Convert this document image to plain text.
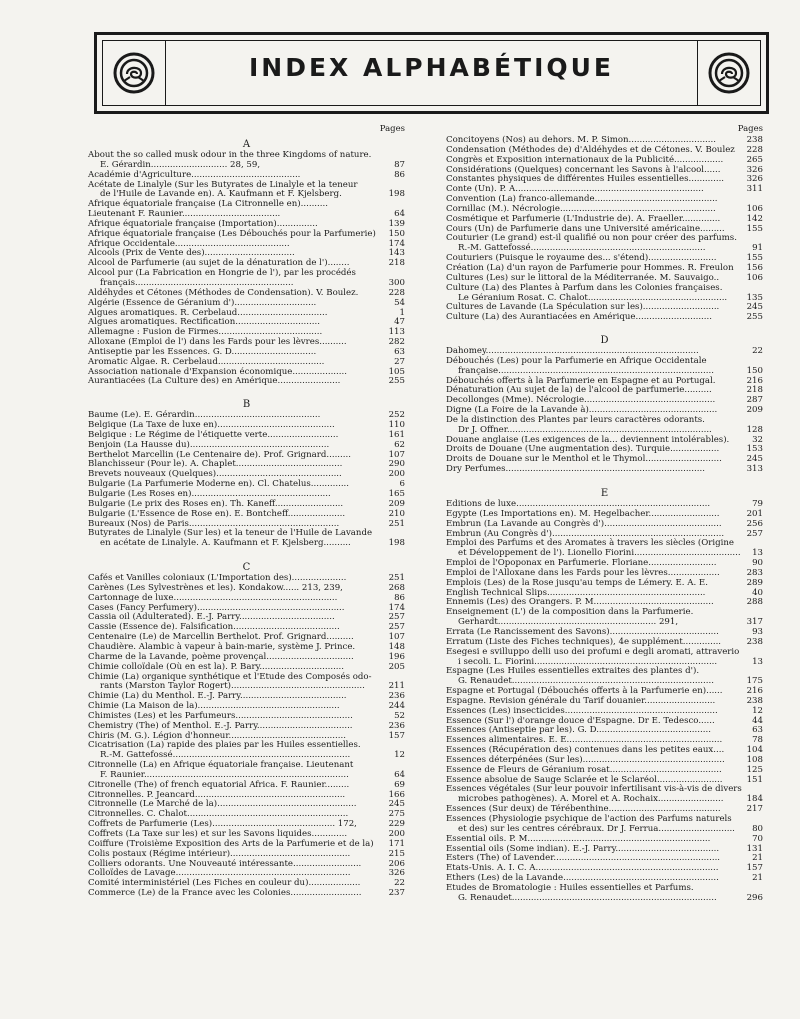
INDEX ALPHABÉTIQUE
Pages
A
About the so called musk odour in the three Kingdoms of nature.
E. Gérardin............................ 28, 59,	87
Académie d'Agriculture........................................	86
Acétate de Linalyle (Sur les Butyrates de Linalyle et la teneur
de l'Huile de Lavande en). A. Kaufmann et F. Kjelsberg.	198
Afrique équatoriale française (La Citronnelle en)..........
Lieutenant F. Raunier....................................	64
Afrique équatoriale française (Importation)...............	139
Afrique équatoriale française (Les Débouchés pour la Parfumerie)	150
Afrique Occidentale..........................................	174
Alcools (Prix de Vente des).................................	143
Alcool de Parfumerie (au sujet de la dénaturation de l')........	218
Alcool pur (La Fabrication en Hongrie de l'), par les procédés
français..........................................................	300
Aldéhydes et Cétones (Méthodes de Condensation). V. Boulez.	228
Algérie (Essence de Géranium d')..............................	54
Algues aromatiques. R. Cerbelaud.................................	1
Algues aromatiques. Rectification...............................	47
Allemagne : Fusion de Firmes......................................	113
Alloxane (Emploi de l') dans les Fards pour les lèvres..........	282
Antiseptie par les Essences. G. D...............................	63
Aromatic Algae. R. Cerbelaud.......................................	27
Association nationale d'Expansion économique....................	105
Aurantiacées (La Culture des) en Amérique.......................	255
B
Baume (Le). E. Gérardin..............................................	252
Belgique (La Taxe de luxe en)...........................................	110
Belgique : Le Régime de l'étiquette verte..........................	161
Benjoin (La Hausse du)...................................................	62
Berthelot Marcellin (Le Centenaire de). Prof. Grignard.........	107
Blanchisseur (Pour le). A. Chaplet.......................................	290
Brevets nouveaux (Quelques)..............................................	200
Bulgarie (La Parfumerie Moderne en). Cl. Chatelus..............	6
Bulgarie (Les Roses en)...................................................	165
Bulgarie (Le prix des Roses en). Th. Kaneff.........................	209
Bulgarie (L'Essence de Rose en). E. Bontcheff.....................	210
Bureaux (Nos) de Paris.......................................................	251
Butyrates de Linalyle (Sur les) et la teneur de l'Huile de Lavande
en acétate de Linalyle. A. Kaufmann et F. Kjelsberg..........	198
C
Cafés et Vanilles coloniaux (L'Importation des)....................	251
Carènes (Les Sylvestrènes et les). Kondakow...... 213, 239,	268
Cartonnage de luxe............................................................	86
Cases (Fancy Perfumery)......................................................	174
Cassia oil (Adulterated). E.-J. Parry...................................	257
Cassie (Essence de). Falsification.......................................	257
Centenaire (Le) de Marcellin Berthelot. Prof. Grignard..........	107
Chaudière. Alambic à vapeur à bain-marie, système J. Prince.	148
Charme de la Lavande, poème provençal................................	196
Chimie colloïdale (Où en est la). P. Bary...............................	205
Chimie (La) organique synthétique et l'Etude des Composés odo-
rants (Marston Taylor Rogert).................................................	211
Chimie (La) du Menthol. E.-J. Parry.......................................	236
Chimie (La Maison de la)....................................................	244
Chimistes (Les) et les Parfumeurs...........................................	52
Chemistry (The) of Menthol. E.-J. Parry...................................	236
Chiris (M. G.). Légion d'honneur...........................................	157
Cicatrisation (La) rapide des plaies par les Huiles essentielles.
R.-M. Gattefossé.................................................................	12
Citronnelle (La) en Afrique équatoriale française. Lieutenant
F. Raunier...........................................................................	64
Citronelle (The) of french equatorial Africa. F. Raunier.........	69
Citronnelles. P. Jeancard.......................................................	166
Citronnelle (Le Marché de la)...................................................	245
Citronnelles. C. Chalot...........................................................	275
Coffrets de Parfumerie (Les)............................................. 172,	229
Coffrets (La Taxe sur les) et sur les Savons liquides.............	200
Coiffure (Troisième Exposition des Arts de la Parfumerie et de la)	171
Colis postaux (Régime intérieur)............................................	215
Colliers odorants. Une Nouveauté intéressante.........................	206
Colloïdes de Lavage................................................................	326
Comité interministériel (Les Fiches en couleur du)...................	22
Commerce (Le) de la France avec les Colonies..........................	237
Pages
Concitoyens (Nos) au dehors. M. P. Simon................................	238
Condensation (Méthodes de) d'Aldéhydes et de Cétones. V. Boulez	228
Congrès et Exposition internationaux de la Publicité..................	265
Considérations (Quelques) concernant les Savons à l'alcool......	326
Constantes physiques de différentes Huiles essentielles.............	326
Conte (Un). P. A.....................................................................	311
Convention (La) franco-allemande.............................................
Cornillac (M.). Nécrologie.........................................................	106
Cosmétique et Parfumerie (L'Industrie de). A. Fraeller..............	142
Cours (Un) de Parfumerie dans une Université américaine.........	155
Couturier (Le grand) est-il qualifié ou non pour créer des parfums.
R.-M. Gattefossé................................................................	91
Couturiers (Puisque le royaume des... s'étend).........................	155
Création (La) d'un rayon de Parfumerie pour Hommes. R. Freulon	156
Cultures (Les) sur le littoral de la Méditerranée. M. Sauvaigo..	106
Culture (La) des Plantes à Parfum dans les Colonies françaises.
Le Géranium Rosat. C. Chalot...................................................	135
Cultures de Lavande (La Spéculation sur les)............................	245
Culture (La) des Aurantiacées en Amérique............................	255
D
Dahomey..............................................................................	22
Débouchés (Les) pour la Parfumerie en Afrique Occidentale
française...............................................................................	150
Débouchés offerts à la Parfumerie en Espagne et au Portugal.	216
Dénaturation (Au sujet de la) de l'alcool de parfumerie..........	218
Decollonges (Mme). Nécrologie................................................	287
Digne (La Foire de la Lavande à)...............................................	209
De la distinction des Plantes par leurs caractères odorants.
Dr J. Offner...........................................................................	128
Douane anglaise (Les exigences de la... deviennent intolérables).	32
Droits de Douane (Une augmentation des). Turquie..................	153
Droits de Douane sur le Menthol et le Thymol............................	245
Dry Perfumes.........................................................................	313
E
Editions de luxe.......................................................................	79
Egypte (Les Importations en). M. Hegelbacher..........................	201
Embrun (La Lavande au Congrès d')...........................................	256
Embrun (Au Congrès d')...............................................................	257
Emploi des Parfums et des Aromates à travers les siècles (Origine
et Développement de l'). Lionello Fiorini.......................................	13
Emploi de l'Opoponax en Parfumerie. Floriane.........................	90
Emploi de l'Alloxane dans les Fards pour les lèvres...................	283
Emplois (Les) de la Rose jusqu'au temps de Lémery. E. A. E.	289
English Technical Slips..........................................................	40
Ennemis (Les) des Orangers. P. M............................................	288
Enseignement (L') de la composition dans la Parfumerie.
Gerhardt.......................................................... 291,	317
Errata (Le Rancissement des Savons)........................................	93
Erratum (Liste des Fiches techniques), 4e supplément..............	238
Esegesi e svilluppo delli uso dei profumi e degli aromati, attraverio
i secoli. L. Fiorini...................................................................	13
Espagne (Les Huiles essentielles extraites des plantes d').
G. Renaudet..........................................................................	175
Espagne et Portugal (Débouchés offerts à la Parfumerie en)......	216
Espagne. Revision générale du Tarif douanier..........................	238
Essences (Les) insecticides........................................................	12
Essence (Sur l') d'orange douce d'Espagne. Dr E. Tedesco......	44
Essences (Antiseptie par les). G. D..........................................	63
Essences alimentaires. E. E.........................................................	78
Essences (Récupération des) contenues dans les petites eaux....	104
Essences déterpénées (Sur les)....................................................	108
Essence de Fleurs de Géranium rosat.........................................	125
Essence absolue de Sauge Sclarée et le Sclaréol........................	151
Essences végétales (Sur leur pouvoir infertilisant vis-à-vis de divers
microbes pathogènes). A. Morel et A. Rochaix........................	184
Essences (Sur deux) de Térébenthine.........................................	217
Essences (Physiologie psychique de l'action des Parfums naturels
et des) sur les centres cérébraux. Dr J. Ferrua............................	80
Essential oils. P. M...................................................................	70
Essential oils (Some indian). E.-J. Parry......................................	131
Esters (The) of Lavender.............................................................	21
Etats-Unis. A. I. C. A...................................................................	157
Ethers (Les) de la Lavande.........................................................	21
Etudes de Bromatologie : Huiles essentielles et Parfums.
G. Renaudet...........................................................................	296
